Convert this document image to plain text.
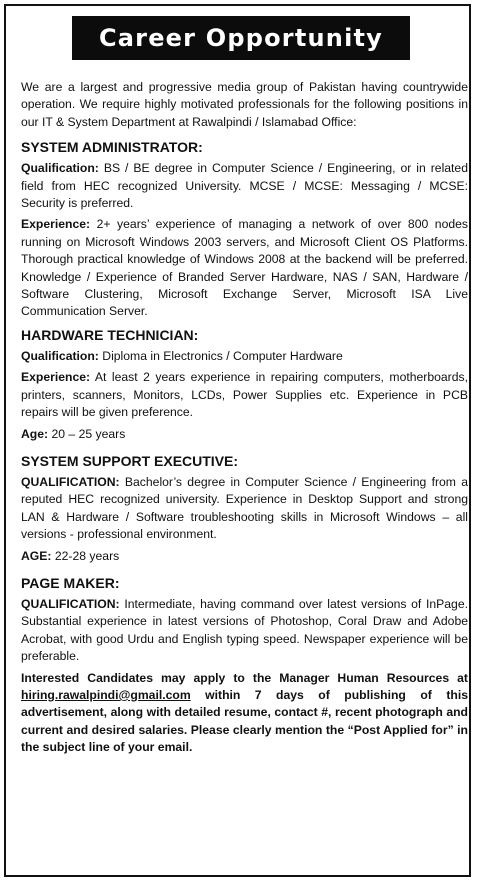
Career Opportunity

We are a largest and progressive media group of Pakistan having countrywide operation. We require highly motivated professionals for the following positions in our IT & System Department at Rawalpindi / Islamabad Office:

SYSTEM ADMINISTRATOR:

Qualification: BS / BE degree in Computer Science / Engineering, or in related field from HEC recognized University. MCSE / MCSE: Messaging / MCSE: Security is preferred.

Experience: 2+ years’ experience of managing a network of over 800 nodes running on Microsoft Windows 2003 servers, and Microsoft Client OS Platforms. Thorough practical knowledge of Windows 2008 at the backend will be preferred. Knowledge / Experience of Branded Server Hardware, NAS / SAN, Hardware / Software Clustering, Microsoft Exchange Server, Microsoft ISA Live Communication Server.

HARDWARE TECHNICIAN:

Qualification: Diploma in Electronics / Computer Hardware

Experience: At least 2 years experience in repairing computers, motherboards, printers, scanners, Monitors, LCDs, Power Supplies etc. Experience in PCB repairs will be given preference.

Age: 20 – 25 years

SYSTEM SUPPORT EXECUTIVE:

QUALIFICATION: Bachelor’s degree in Computer Science / Engineering from a reputed HEC recognized university. Experience in Desktop Support and strong LAN & Hardware / Software troubleshooting skills in Microsoft Windows – all versions - professional environment.

AGE: 22-28 years

PAGE MAKER:

QUALIFICATION: Intermediate, having command over latest versions of InPage. Substantial experience in latest versions of Photoshop, Coral Draw and Adobe Acrobat, with good Urdu and English typing speed. Newspaper experience will be preferable.

Interested Candidates may apply to the Manager Human Resources at hiring.rawalpindi@gmail.com within 7 days of publishing of this advertisement, along with detailed resume, contact #, recent photograph and current and desired salaries. Please clearly mention the “Post Applied for” in the subject line of your email.
